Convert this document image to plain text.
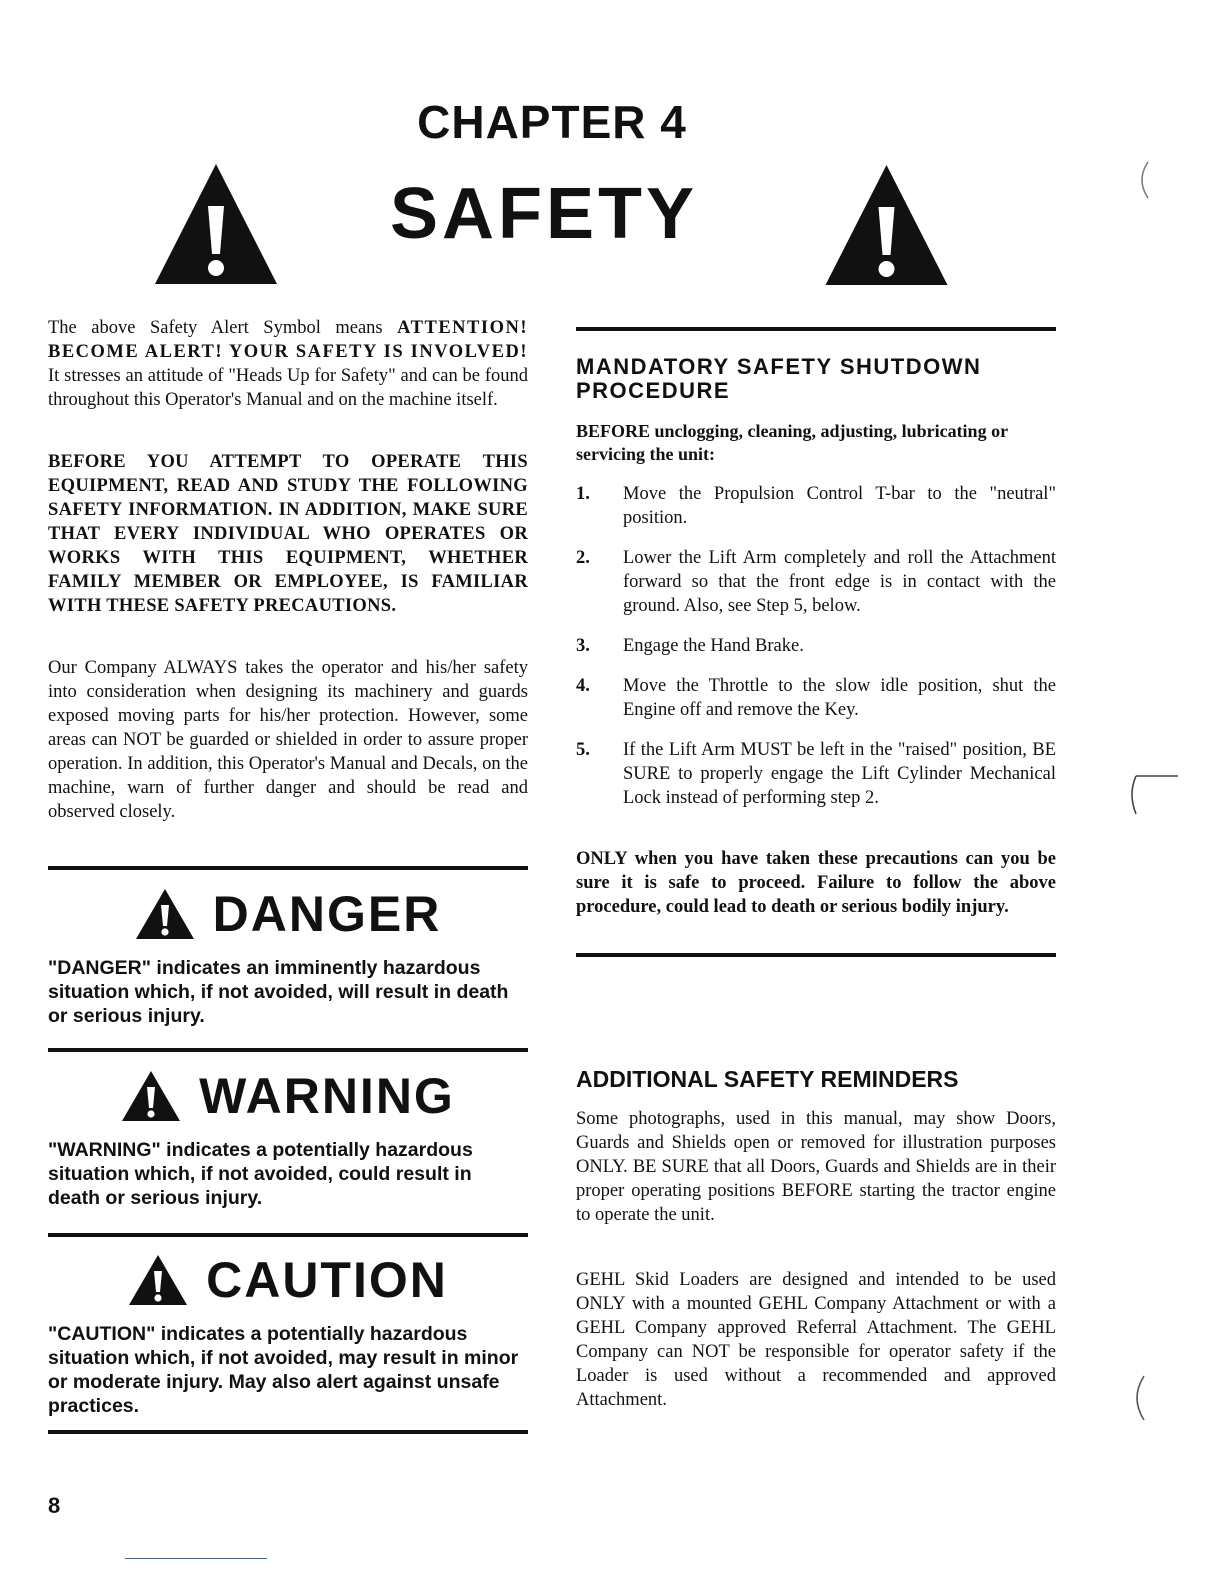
CHAPTER 4
SAFETY

The above Safety Alert Symbol means ATTENTION! BECOME ALERT! YOUR SAFETY IS INVOLVED! It stresses an attitude of "Heads Up for Safety" and can be found throughout this Operator's Manual and on the machine itself.

BEFORE YOU ATTEMPT TO OPERATE THIS EQUIPMENT, READ AND STUDY THE FOLLOWING SAFETY INFORMATION. IN ADDITION, MAKE SURE THAT EVERY INDIVIDUAL WHO OPERATES OR WORKS WITH THIS EQUIPMENT, WHETHER FAMILY MEMBER OR EMPLOYEE, IS FAMILIAR WITH THESE SAFETY PRECAUTIONS.

Our Company ALWAYS takes the operator and his/her safety into consideration when designing its machinery and guards exposed moving parts for his/her protection. However, some areas can NOT be guarded or shielded in order to assure proper operation. In addition, this Operator's Manual and Decals, on the machine, warn of further danger and should be read and observed closely.

DANGER

"DANGER" indicates an imminently hazardous situation which, if not avoided, will result in death or serious injury.

WARNING

"WARNING" indicates a potentially hazardous situation which, if not avoided, could result in death or serious injury.

CAUTION

"CAUTION" indicates a potentially hazardous situation which, if not avoided, may result in minor or moderate injury. May also alert against unsafe practices.

MANDATORY SAFETY SHUTDOWN PROCEDURE

BEFORE unclogging, cleaning, adjusting, lubricating or servicing the unit:

1.	Move the Propulsion Control T-bar to the "neutral" position.
2.	Lower the Lift Arm completely and roll the Attachment forward so that the front edge is in contact with the ground. Also, see Step 5, below.
3.	Engage the Hand Brake.
4.	Move the Throttle to the slow idle position, shut the Engine off and remove the Key.
5.	If the Lift Arm MUST be left in the "raised" position, BE SURE to properly engage the Lift Cylinder Mechanical Lock instead of performing step 2.

ONLY when you have taken these precautions can you be sure it is safe to proceed. Failure to follow the above procedure, could lead to death or serious bodily injury.

ADDITIONAL SAFETY REMINDERS

Some photographs, used in this manual, may show Doors, Guards and Shields open or removed for illustration purposes ONLY. BE SURE that all Doors, Guards and Shields are in their proper operating positions BEFORE starting the tractor engine to operate the unit.

GEHL Skid Loaders are designed and intended to be used ONLY with a mounted GEHL Company Attachment or with a GEHL Company approved Referral Attachment. The GEHL Company can NOT be responsible for operator safety if the Loader is used without a recommended and approved Attachment.

8
